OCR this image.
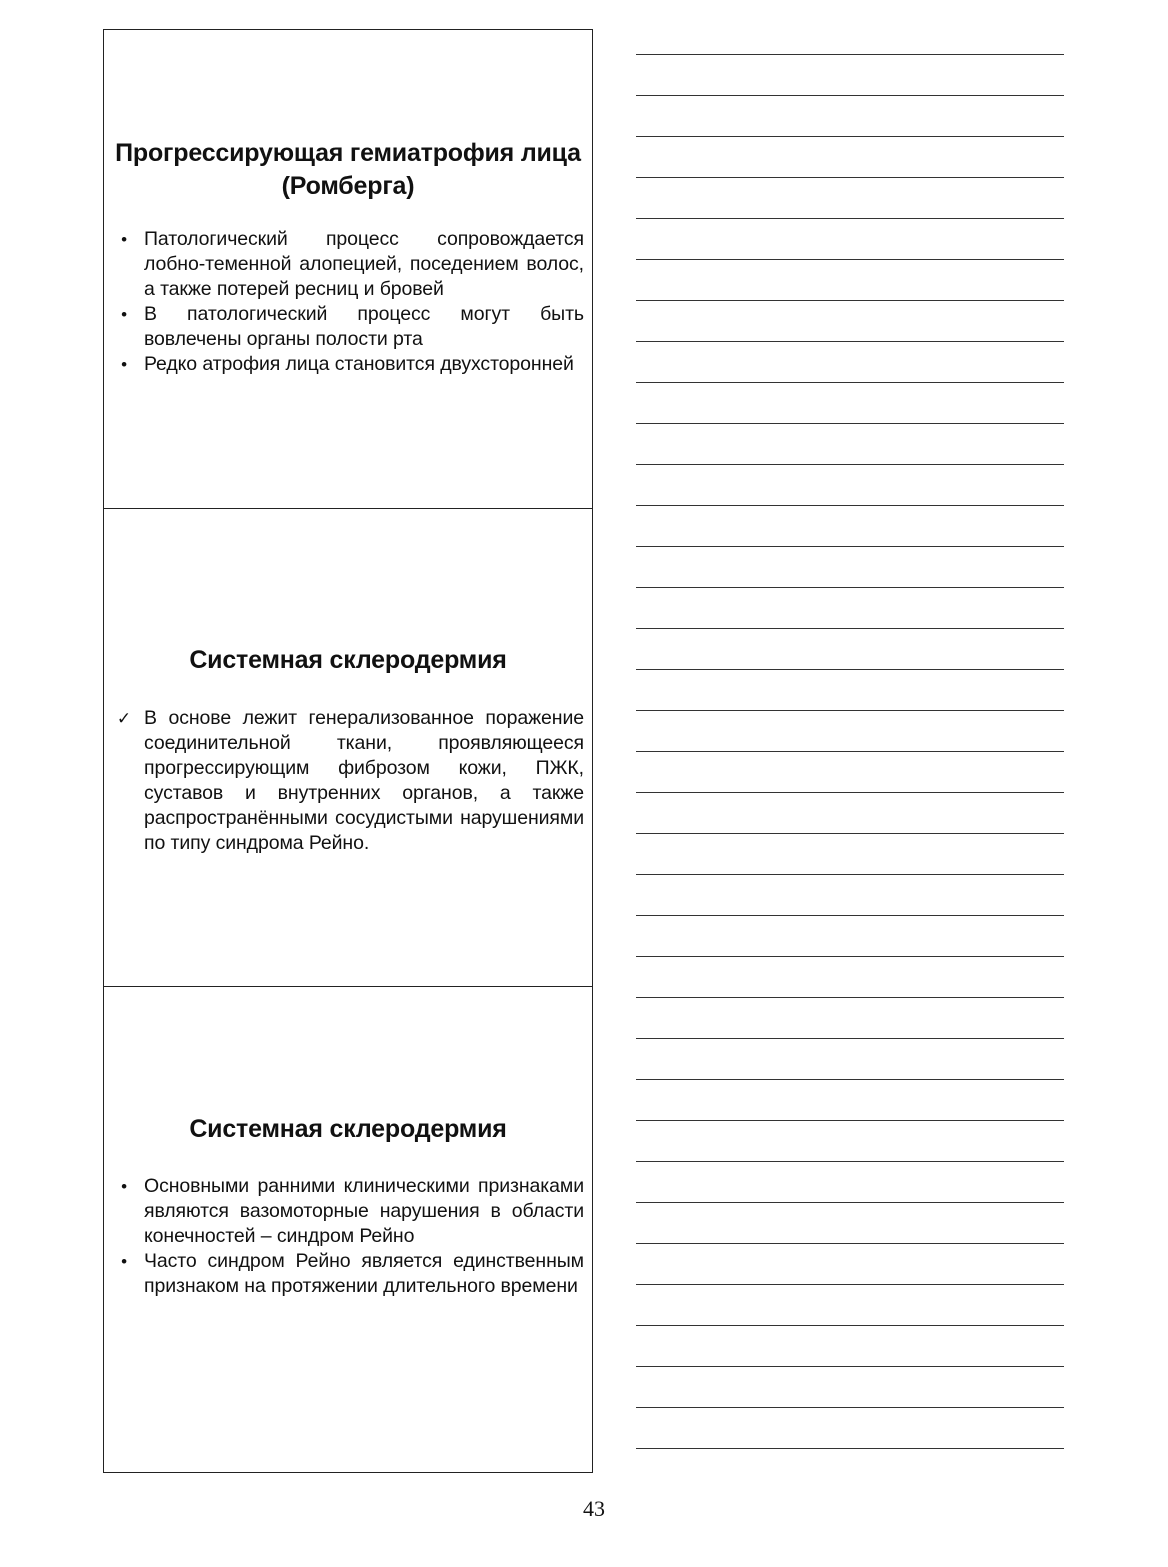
Прогрессирующая гемиатрофия лица (Ромберга)
• Патологический процесс сопровождается лобно-теменной алопецией, поседением волос, а также потерей ресниц и бровей
• В патологический процесс могут быть вовлечены органы полости рта
• Редко атрофия лица становится двухсторонней
Системная склеродермия
✓ В основе лежит генерализованное поражение соединительной ткани, проявляющееся прогрессирующим фиброзом кожи, ПЖК, суставов и внутренних органов, а также распространёнными сосудистыми нарушениями по типу синдрома Рейно.
Системная склеродермия
• Основными ранними клиническими признаками являются вазомоторные нарушения в области конечностей – синдром Рейно
• Часто синдром Рейно является единственным признаком на протяжении длительного времени
43
